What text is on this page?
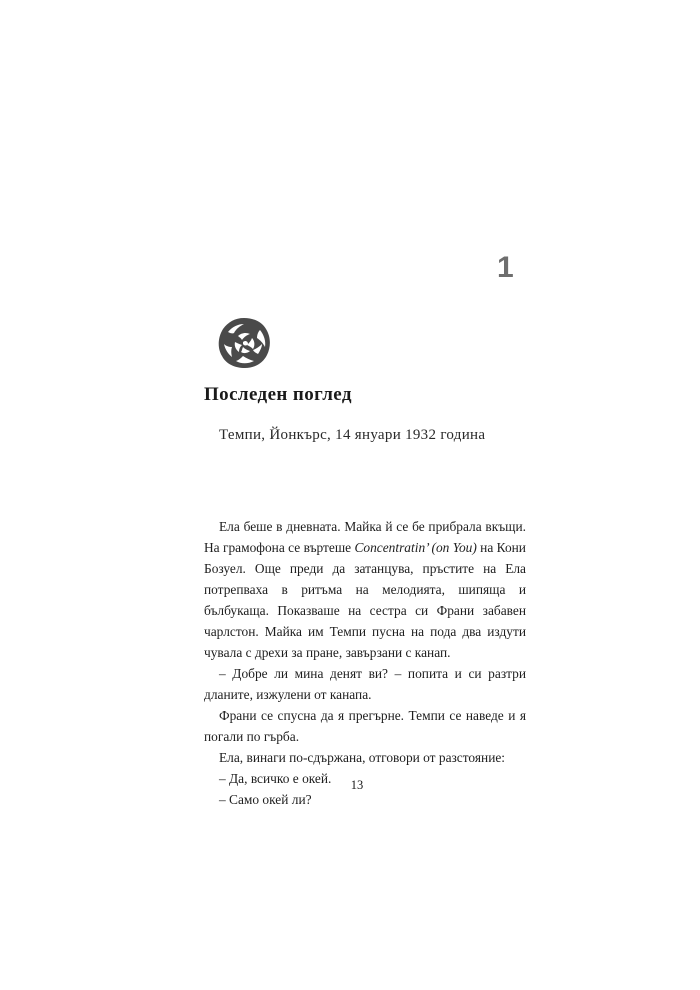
1
Последен поглед
Темпи, Йонкърс, 14 януари 1932 година

Ела беше в дневната. Майка й се бе прибрала вкъщи. На грамофона се въртеше Concentratin’ (on You) на Кони Бозуел. Още преди да затанцува, пръстите на Ела потрепваха в ритъма на мелодията, шипяща и бълбукаща. Показваше на сестра си Франи забавен чарлстон. Майка им Темпи пусна на пода два издути чувала с дрехи за пране, завързани с канап.

– Добре ли мина денят ви? – попита и си разтри дланите, изжулени от канапа.

Франи се спусна да я прегърне. Темпи се наведе и я погали по гърба.

Ела, винаги по-сдържана, отговори от разстояние:

– Да, всичко е окей.

– Само окей ли?

13
